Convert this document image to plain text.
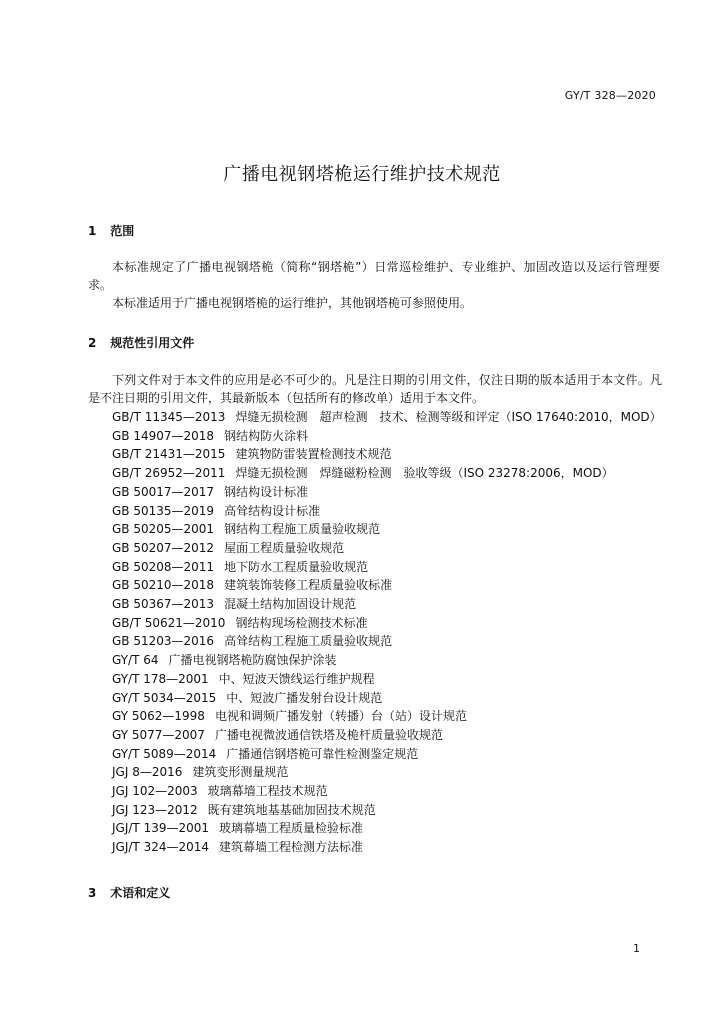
GY/T 328—2020
广播电视钢塔桅运行维护技术规范
1 范围
本标准规定了广播电视钢塔桅（简称“钢塔桅”）日常巡检维护、专业维护、加固改造以及运行管理要求。
本标准适用于广播电视钢塔桅的运行维护，其他钢塔桅可参照使用。
2 规范性引用文件
下列文件对于本文件的应用是必不可少的。凡是注日期的引用文件，仅注日期的版本适用于本文件。凡是不注日期的引用文件，其最新版本（包括所有的修改单）适用于本文件。
GB/T 11345—2013 焊缝无损检测　超声检测　技术、检测等级和评定（ISO 17640:2010，MOD）
GB 14907—2018 钢结构防火涂料
GB/T 21431—2015 建筑物防雷装置检测技术规范
GB/T 26952—2011 焊缝无损检测　焊缝磁粉检测　验收等级（ISO 23278:2006，MOD）
GB 50017—2017 钢结构设计标准
GB 50135—2019 高耸结构设计标准
GB 50205—2001 钢结构工程施工质量验收规范
GB 50207—2012 屋面工程质量验收规范
GB 50208—2011 地下防水工程质量验收规范
GB 50210—2018 建筑装饰装修工程质量验收标准
GB 50367—2013 混凝土结构加固设计规范
GB/T 50621—2010 钢结构现场检测技术标准
GB 51203—2016 高耸结构工程施工质量验收规范
GY/T 64 广播电视钢塔桅防腐蚀保护涂装
GY/T 178—2001 中、短波天馈线运行维护规程
GY/T 5034—2015 中、短波广播发射台设计规范
GY 5062—1998 电视和调频广播发射（转播）台（站）设计规范
GY 5077—2007 广播电视微波通信铁塔及桅杆质量验收规范
GY/T 5089—2014 广播通信钢塔桅可靠性检测鉴定规范
JGJ 8—2016 建筑变形测量规范
JGJ 102—2003 玻璃幕墙工程技术规范
JGJ 123—2012 既有建筑地基基础加固技术规范
JGJ/T 139—2001 玻璃幕墙工程质量检验标准
JGJ/T 324—2014 建筑幕墙工程检测方法标准
3 术语和定义
1
